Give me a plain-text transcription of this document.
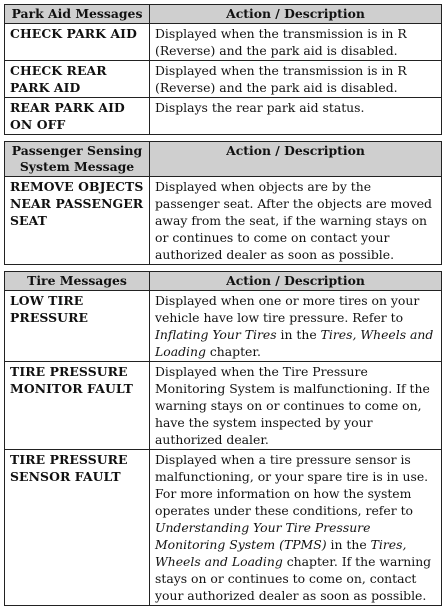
Park Aid Messages	Action / Description
CHECK PARK AID	Displayed when the transmission is in R (Reverse) and the park aid is disabled.
CHECK REAR PARK AID	Displayed when the transmission is in R (Reverse) and the park aid is disabled.
REAR PARK AID ON OFF	Displays the rear park aid status.
Passenger Sensing System Message	Action / Description
REMOVE OBJECTS NEAR PASSENGER SEAT	Displayed when objects are by the passenger seat. After the objects are moved away from the seat, if the warning stays on or continues to come on contact your authorized dealer as soon as possible.
Tire Messages	Action / Description
LOW TIRE PRESSURE	Displayed when one or more tires on your vehicle have low tire pressure. Refer to Inflating Your Tires in the Tires, Wheels and Loading chapter.
TIRE PRESSURE MONITOR FAULT	Displayed when the Tire Pressure Monitoring System is malfunctioning. If the warning stays on or continues to come on, have the system inspected by your authorized dealer.
TIRE PRESSURE SENSOR FAULT	Displayed when a tire pressure sensor is malfunctioning, or your spare tire is in use. For more information on how the system operates under these conditions, refer to Understanding Your Tire Pressure Monitoring System (TPMS) in the Tires, Wheels and Loading chapter. If the warning stays on or continues to come on, contact your authorized dealer as soon as possible.
